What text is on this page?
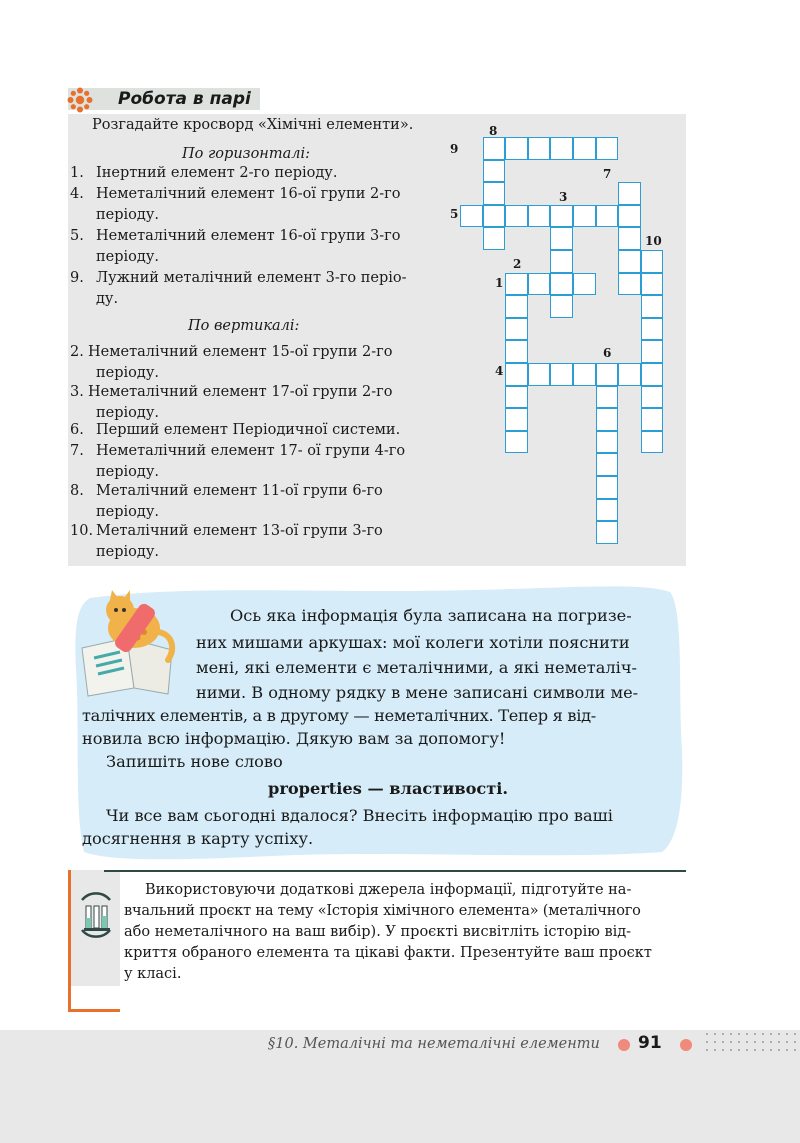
Робота в парі
Розгадайте кросворд «Хімічні елементи».
По горизонталі:
1. Інертний елемент 2-го періоду.
4. Неметалічний елемент 16-ої групи 2-го
періоду.
5. Неметалічний елемент 16-ої групи 3-го
періоду.
9. Лужний металічний елемент 3-го періо-
ду.
По вертикалі:
2. Неметалічний елемент 15-ої групи 2-го
періоду.
3. Неметалічний елемент 17-ої групи 2-го
періоду.
6. Перший елемент Періодичної системи.
7. Неметалічний елемент 17- ої групи 4-го
періоду.
8. Металічний елемент 11-ої групи 6-го
періоду.
10. Металічний елемент 13-ої групи 3-го
періоду.
8
9
7
5
3
10
2
1
6
4
Ось яка інформація була записана на погризе-
них мишами аркушах: мої колеги хотіли пояснити
мені, які елементи є металічними, а які неметаліч-
ними. В одному рядку в мене записані символи ме-
талічних елементів, а в другому — неметалічних. Тепер я від-
новила всю інформацію. Дякую вам за допомогу!
Запишіть нове слово
properties — властивості.
Чи все вам сьогодні вдалося? Внесіть інформацію про ваші
досягнення в карту успіху.
Використовуючи додаткові джерела інформації, підготуйте на-
вчальний проєкт на тему «Історія хімічного елемента» (металічного
або неметалічного на ваш вибір). У проєкті висвітліть історію від-
криття обраного елемента та цікаві факти. Презентуйте ваш проєкт
у класі.
§10. Металічні та неметалічні елементи 91
